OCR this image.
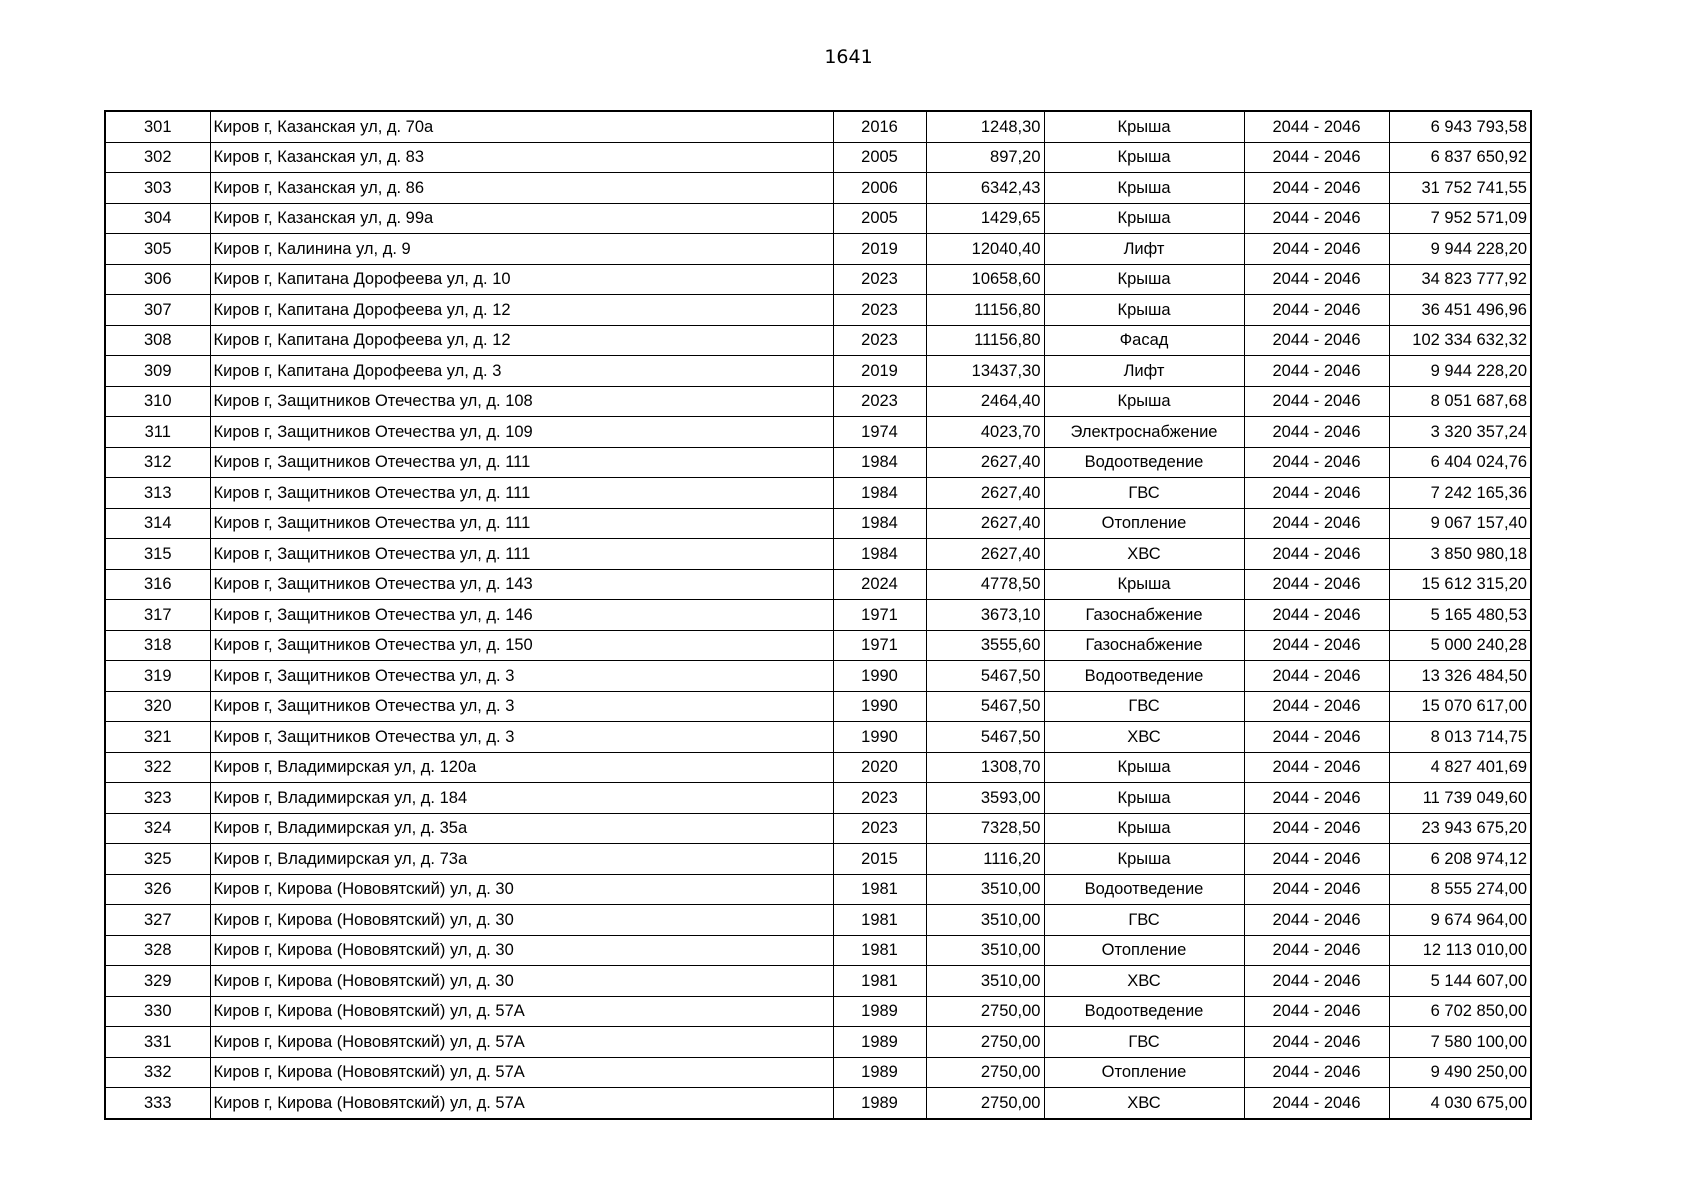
1641
301	Киров г, Казанская ул, д. 70а	2016	1248,30	Крыша	2044 - 2046	6 943 793,58
302	Киров г, Казанская ул, д. 83	2005	897,20	Крыша	2044 - 2046	6 837 650,92
303	Киров г, Казанская ул, д. 86	2006	6342,43	Крыша	2044 - 2046	31 752 741,55
304	Киров г, Казанская ул, д. 99а	2005	1429,65	Крыша	2044 - 2046	7 952 571,09
305	Киров г, Калинина ул, д. 9	2019	12040,40	Лифт	2044 - 2046	9 944 228,20
306	Киров г, Капитана Дорофеева ул, д. 10	2023	10658,60	Крыша	2044 - 2046	34 823 777,92
307	Киров г, Капитана Дорофеева ул, д. 12	2023	11156,80	Крыша	2044 - 2046	36 451 496,96
308	Киров г, Капитана Дорофеева ул, д. 12	2023	11156,80	Фасад	2044 - 2046	102 334 632,32
309	Киров г, Капитана Дорофеева ул, д. 3	2019	13437,30	Лифт	2044 - 2046	9 944 228,20
310	Киров г, Защитников Отечества ул, д. 108	2023	2464,40	Крыша	2044 - 2046	8 051 687,68
311	Киров г, Защитников Отечества ул, д. 109	1974	4023,70	Электроснабжение	2044 - 2046	3 320 357,24
312	Киров г, Защитников Отечества ул, д. 111	1984	2627,40	Водоотведение	2044 - 2046	6 404 024,76
313	Киров г, Защитников Отечества ул, д. 111	1984	2627,40	ГВС	2044 - 2046	7 242 165,36
314	Киров г, Защитников Отечества ул, д. 111	1984	2627,40	Отопление	2044 - 2046	9 067 157,40
315	Киров г, Защитников Отечества ул, д. 111	1984	2627,40	ХВС	2044 - 2046	3 850 980,18
316	Киров г, Защитников Отечества ул, д. 143	2024	4778,50	Крыша	2044 - 2046	15 612 315,20
317	Киров г, Защитников Отечества ул, д. 146	1971	3673,10	Газоснабжение	2044 - 2046	5 165 480,53
318	Киров г, Защитников Отечества ул, д. 150	1971	3555,60	Газоснабжение	2044 - 2046	5 000 240,28
319	Киров г, Защитников Отечества ул, д. 3	1990	5467,50	Водоотведение	2044 - 2046	13 326 484,50
320	Киров г, Защитников Отечества ул, д. 3	1990	5467,50	ГВС	2044 - 2046	15 070 617,00
321	Киров г, Защитников Отечества ул, д. 3	1990	5467,50	ХВС	2044 - 2046	8 013 714,75
322	Киров г, Владимирская ул, д. 120а	2020	1308,70	Крыша	2044 - 2046	4 827 401,69
323	Киров г, Владимирская ул, д. 184	2023	3593,00	Крыша	2044 - 2046	11 739 049,60
324	Киров г, Владимирская ул, д. 35а	2023	7328,50	Крыша	2044 - 2046	23 943 675,20
325	Киров г, Владимирская ул, д. 73а	2015	1116,20	Крыша	2044 - 2046	6 208 974,12
326	Киров г, Кирова (Нововятский) ул, д. 30	1981	3510,00	Водоотведение	2044 - 2046	8 555 274,00
327	Киров г, Кирова (Нововятский) ул, д. 30	1981	3510,00	ГВС	2044 - 2046	9 674 964,00
328	Киров г, Кирова (Нововятский) ул, д. 30	1981	3510,00	Отопление	2044 - 2046	12 113 010,00
329	Киров г, Кирова (Нововятский) ул, д. 30	1981	3510,00	ХВС	2044 - 2046	5 144 607,00
330	Киров г, Кирова (Нововятский) ул, д. 57А	1989	2750,00	Водоотведение	2044 - 2046	6 702 850,00
331	Киров г, Кирова (Нововятский) ул, д. 57А	1989	2750,00	ГВС	2044 - 2046	7 580 100,00
332	Киров г, Кирова (Нововятский) ул, д. 57А	1989	2750,00	Отопление	2044 - 2046	9 490 250,00
333	Киров г, Кирова (Нововятский) ул, д. 57А	1989	2750,00	ХВС	2044 - 2046	4 030 675,00
